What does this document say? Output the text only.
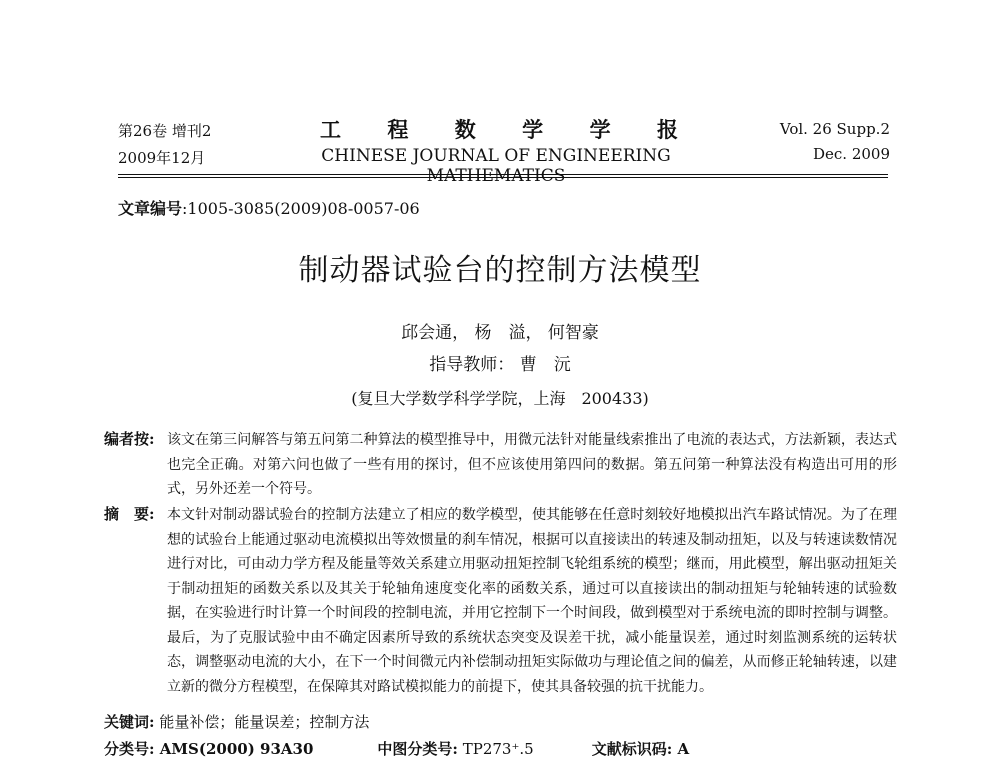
第26卷 增刊2
2009年12月
工 程 数 学 学 报
CHINESE JOURNAL OF ENGINEERING MATHEMATICS
Vol. 26 Supp.2
Dec. 2009
文章编号:1005-3085(2009)08-0057-06
制动器试验台的控制方法模型
邱会通， 杨　溢， 何智豪
指导教师： 曹　沅
(复旦大学数学科学学院，上海　200433)
编者按: 该文在第三问解答与第五问第二种算法的模型推导中，用微元法针对能量线索推出了电流的表达式，方法新颖，表达式也完全正确。对第六问也做了一些有用的探讨，但不应该使用第四问的数据。第五问第一种算法没有构造出可用的形式，另外还差一个符号。
摘　要: 本文针对制动器试验台的控制方法建立了相应的数学模型，使其能够在任意时刻较好地模拟出汽车路试情况。为了在理想的试验台上能通过驱动电流模拟出等效惯量的刹车情况，根据可以直接读出的转速及制动扭矩，以及与转速读数情况进行对比，可由动力学方程及能量等效关系建立用驱动扭矩控制飞轮组系统的模型；继而，用此模型，解出驱动扭矩关于制动扭矩的函数关系以及其关于轮轴角速度变化率的函数关系，通过可以直接读出的制动扭矩与轮轴转速的试验数据，在实验进行时计算一个时间段的控制电流，并用它控制下一个时间段，做到模型对于系统电流的即时控制与调整。最后，为了克服试验中由不确定因素所导致的系统状态突变及误差干扰，减小能量误差，通过时刻监测系统的运转状态，调整驱动电流的大小，在下一个时间微元内补偿制动扭矩实际做功与理论值之间的偏差，从而修正轮轴转速，以建立新的微分方程模型，在保障其对路试模拟能力的前提下，使其具备较强的抗干扰能力。
关键词: 能量补偿；能量误差；控制方法
分类号: AMS(2000) 93A30	中图分类号: TP273⁺.5	文献标识码: A
